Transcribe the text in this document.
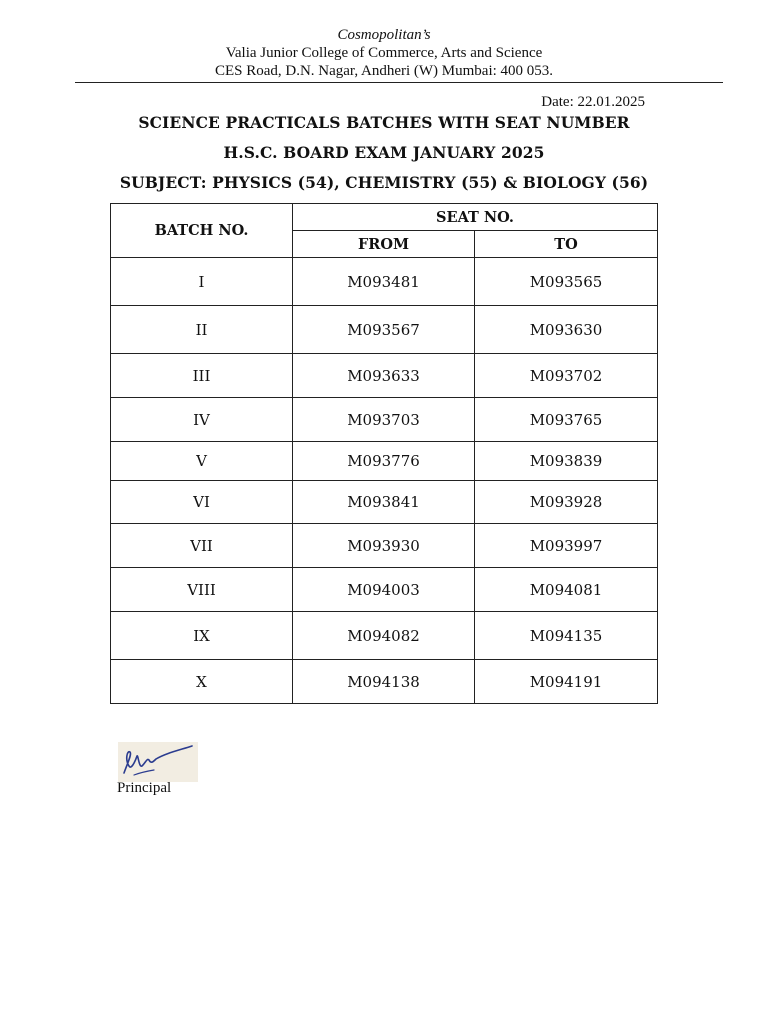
Cosmopolitan’s
Valia Junior College of Commerce, Arts and Science
CES Road, D.N. Nagar, Andheri (W) Mumbai: 400 053.
Date: 22.01.2025
SCIENCE PRACTICALS BATCHES WITH SEAT NUMBER
H.S.C. BOARD EXAM JANUARY 2025
SUBJECT: PHYSICS (54), CHEMISTRY (55) & BIOLOGY (56)
BATCH NO.	SEAT NO.	
	FROM	TO
I	M093481	M093565
II	M093567	M093630
III	M093633	M093702
IV	M093703	M093765
V	M093776	M093839
VI	M093841	M093928
VII	M093930	M093997
VIII	M094003	M094081
IX	M094082	M094135
X	M094138	M094191
Principal
